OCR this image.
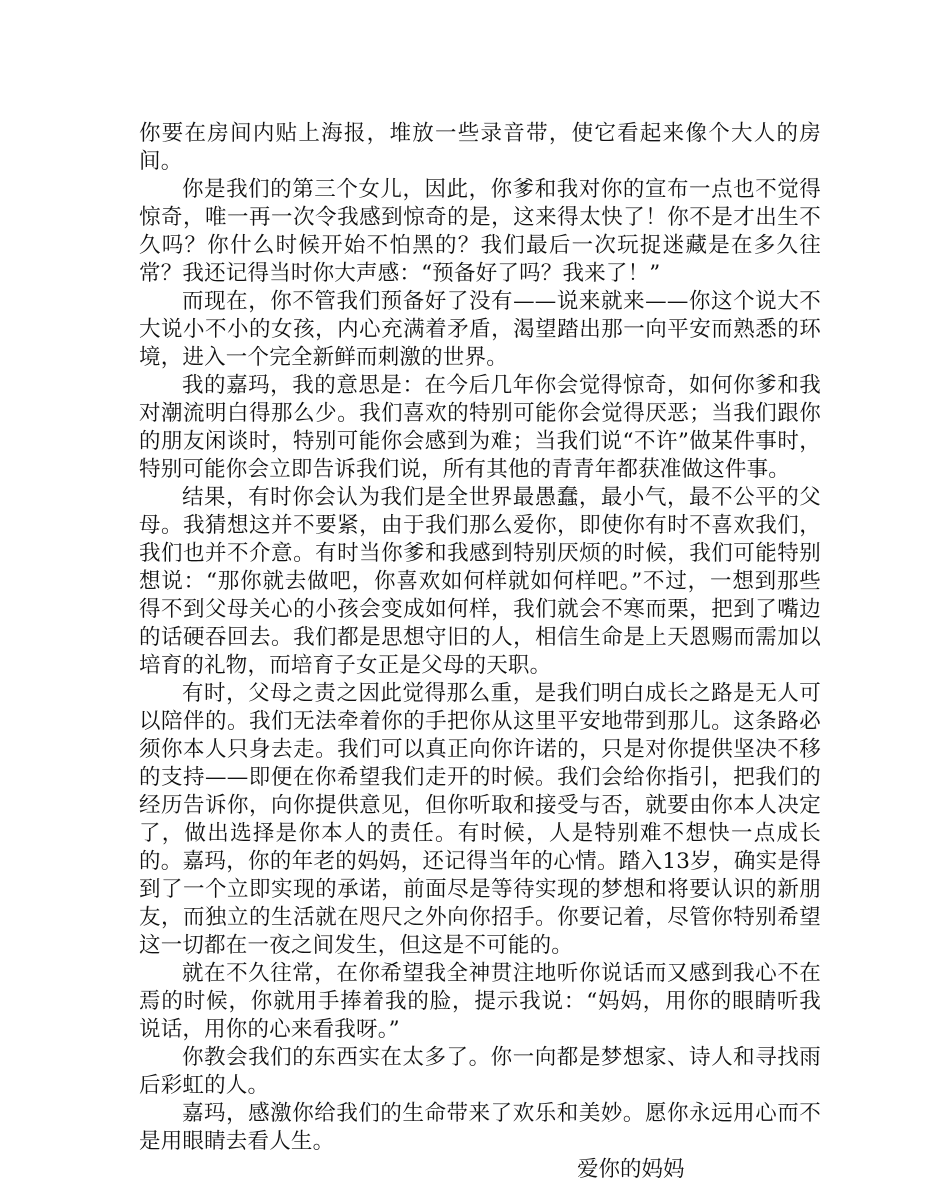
你要在房间内贴上海报，堆放一些录音带，使它看起来像个大人的房间。

你是我们的第三个女儿，因此，你爹和我对你的宣布一点也不觉得惊奇，唯一再一次令我感到惊奇的是，这来得太快了！你不是才出生不久吗？你什么时候开始不怕黑的？我们最后一次玩捉迷藏是在多久往常？我还记得当时你大声感：“预备好了吗？我来了！”

而现在，你不管我们预备好了没有——说来就来——你这个说大不大说小不小的女孩，内心充满着矛盾，渴望踏出那一向平安而熟悉的环境，进入一个完全新鲜而刺激的世界。

我的嘉玛，我的意思是：在今后几年你会觉得惊奇，如何你爹和我对潮流明白得那么少。我们喜欢的特别可能你会觉得厌恶；当我们跟你的朋友闲谈时，特别可能你会感到为难；当我们说“不许”做某件事时，特别可能你会立即告诉我们说，所有其他的青青年都获准做这件事。

结果，有时你会认为我们是全世界最愚蠢，最小气，最不公平的父母。我猜想这并不要紧，由于我们那么爱你，即使你有时不喜欢我们，我们也并不介意。有时当你爹和我感到特别厌烦的时候，我们可能特别想说：“那你就去做吧，你喜欢如何样就如何样吧。”不过，一想到那些得不到父母关心的小孩会变成如何样，我们就会不寒而栗，把到了嘴边的话硬吞回去。我们都是思想守旧的人，相信生命是上天恩赐而需加以培育的礼物，而培育子女正是父母的天职。

有时，父母之责之因此觉得那么重，是我们明白成长之路是无人可以陪伴的。我们无法牵着你的手把你从这里平安地带到那儿。这条路必须你本人只身去走。我们可以真正向你许诺的，只是对你提供坚决不移的支持——即便在你希望我们走开的时候。我们会给你指引，把我们的经历告诉你，向你提供意见，但你听取和接受与否，就要由你本人决定了，做出选择是你本人的责任。有时候，人是特别难不想快一点成长的。嘉玛，你的年老的妈妈，还记得当年的心情。踏入13岁，确实是得到了一个立即实现的承诺，前面尽是等待实现的梦想和将要认识的新朋友，而独立的生活就在咫尺之外向你招手。你要记着，尽管你特别希望这一切都在一夜之间发生，但这是不可能的。

就在不久往常，在你希望我全神贯注地听你说话而又感到我心不在焉的时候，你就用手捧着我的脸，提示我说：“妈妈，用你的眼睛听我说话，用你的心来看我呀。”

你教会我们的东西实在太多了。你一向都是梦想家、诗人和寻找雨后彩虹的人。

嘉玛，感激你给我们的生命带来了欢乐和美妙。愿你永远用心而不是用眼睛去看人生。

爱你的妈妈
